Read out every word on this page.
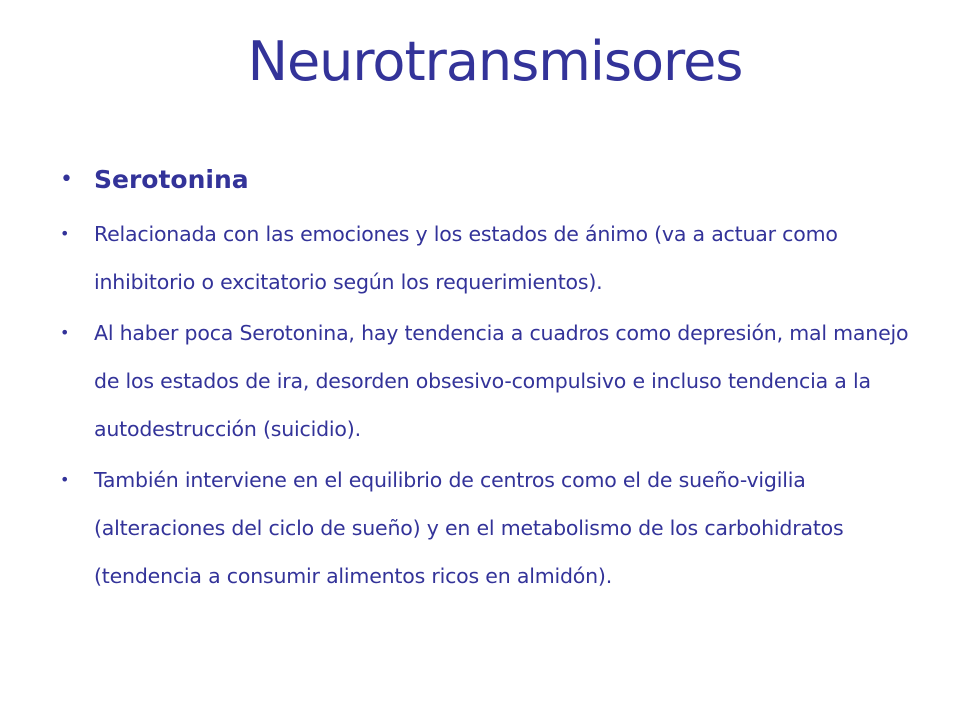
Neurotransmisores
• Serotonina
• Relacionada con las emociones y los estados de ánimo (va a actuar como inhibitorio o excitatorio según los requerimientos).
• Al haber poca Serotonina, hay tendencia a cuadros como depresión, mal manejo de los estados de ira, desorden obsesivo-compulsivo e incluso tendencia a la autodestrucción (suicidio).
• También interviene en el equilibrio de centros como el de sueño-vigilia (alteraciones del ciclo de sueño) y en el metabolismo de los carbohidratos (tendencia a consumir alimentos ricos en almidón).
